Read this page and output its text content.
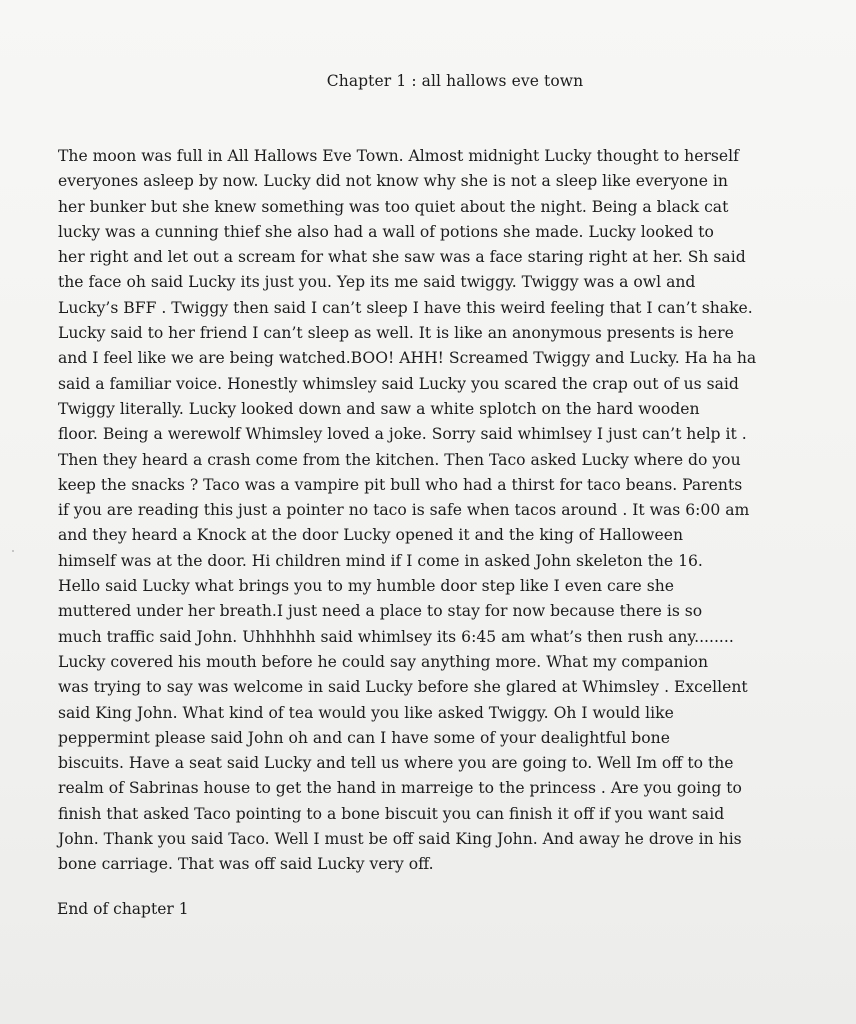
Chapter 1 : all hallows eve town
The moon was full in All Hallows Eve Town. Almost midnight Lucky thought to herself
everyones asleep by now. Lucky did not know why she is not a sleep like everyone in
her bunker but she knew something was too quiet about the night. Being a black cat
lucky was a cunning thief she also had a wall of potions she made. Lucky looked to
her right and let out a scream for what she saw was a face staring right at her. Sh said
the face oh said Lucky its just you. Yep its me said twiggy. Twiggy was a owl and
Lucky’s BFF . Twiggy then said I can’t sleep I have this weird feeling that I can’t shake.
Lucky said to her friend I can’t sleep as well. It is like an anonymous presents is here
and I feel like we are being watched.BOO! AHH! Screamed Twiggy and Lucky. Ha ha ha
said a familiar voice. Honestly whimsley said Lucky you scared the crap out of us said
Twiggy literally. Lucky looked down and saw a white splotch on the hard wooden
floor. Being a werewolf Whimsley loved a joke. Sorry said whimlsey I just can’t help it .
Then they heard a crash come from the kitchen. Then Taco asked Lucky where do you
keep the snacks ? Taco was a vampire pit bull who had a thirst for taco beans. Parents
if you are reading this just a pointer no taco is safe when tacos around . It was 6:00 am
and they heard a Knock at the door Lucky opened it and the king of Halloween
himself was at the door. Hi children mind if I come in asked John skeleton the 16.
Hello said Lucky what brings you to my humble door step like I even care she
muttered under her breath.I just need a place to stay for now because there is so
much traffic said John. Uhhhhhh said whimlsey its 6:45 am what’s then rush any........
Lucky covered his mouth before he could say anything more. What my companion
was trying to say was welcome in said Lucky before she glared at Whimsley . Excellent
said King John. What kind of tea would you like asked Twiggy. Oh I would like
peppermint please said John oh and can I have some of your dealightful bone
biscuits. Have a seat said Lucky and tell us where you are going to. Well Im off to the
realm of Sabrinas house to get the hand in marreige to the princess . Are you going to
finish that asked Taco pointing to a bone biscuit you can finish it off if you want said
John. Thank you said Taco. Well I must be off said King John. And away he drove in his
bone carriage. That was off said Lucky very off.
End of chapter 1
